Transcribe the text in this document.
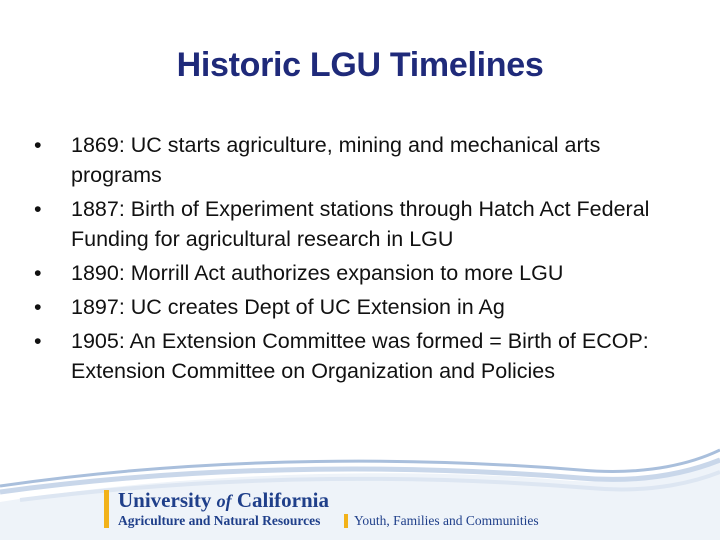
Historic LGU Timelines
•	1869: UC starts agriculture, mining and mechanical arts programs
•	1887: Birth of Experiment stations through Hatch Act Federal Funding for agricultural research in LGU
•	1890: Morrill Act authorizes expansion to more LGU
•	1897: UC creates Dept of UC Extension in Ag
•	1905: An Extension Committee was formed = Birth of ECOP: Extension Committee on Organization and Policies
University of California
Agriculture and Natural Resources Youth, Families and Communities
